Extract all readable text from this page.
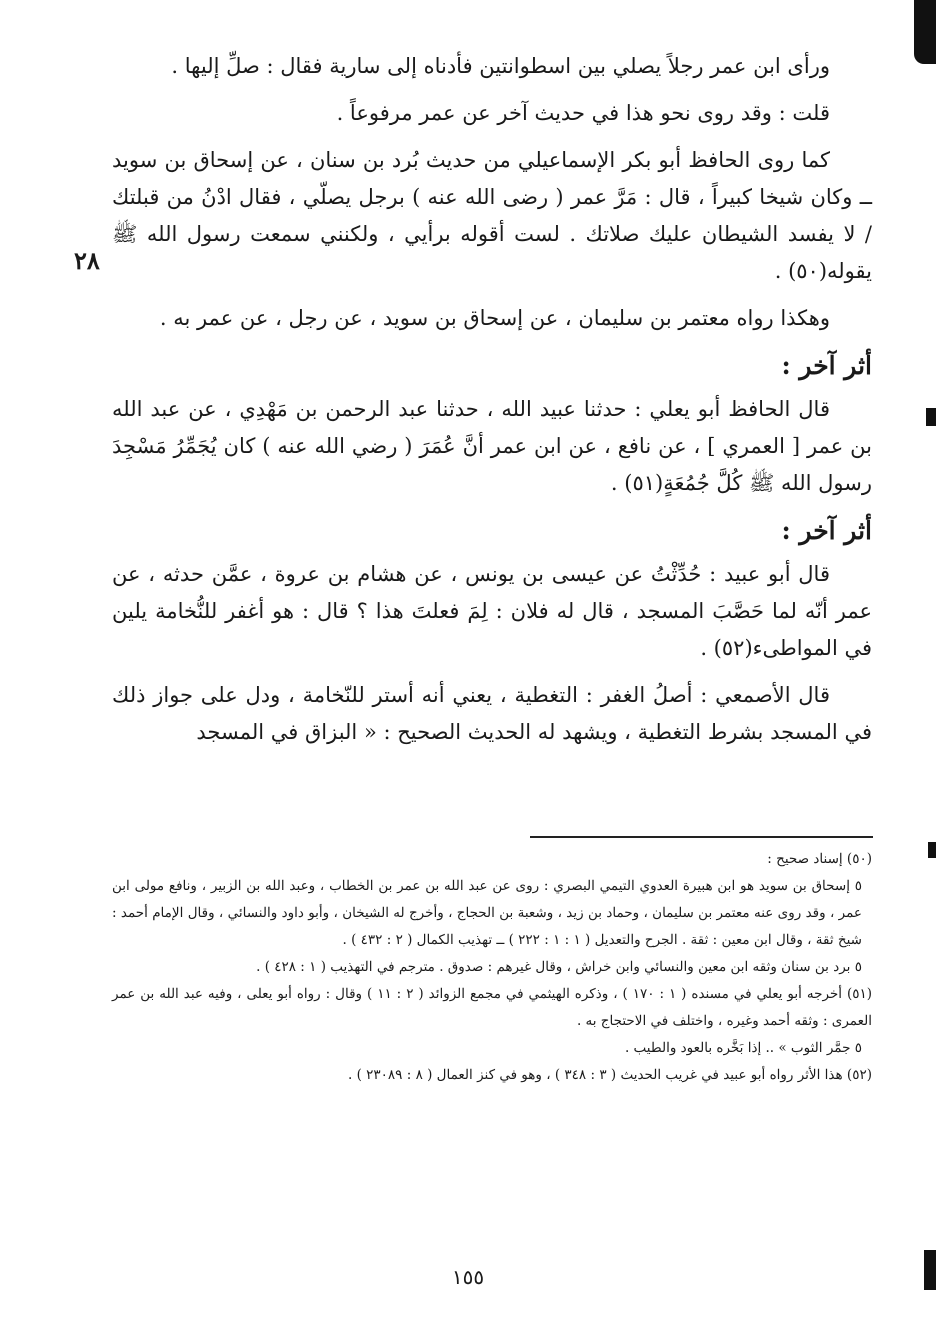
٢٨

ورأى ابن عمر رجلاً يصلي بين اسطوانتين فأدناه إلى سارية فقال : صلِّ إليها .

قلت : وقد روى نحو هذا في حديث آخر عن عمر مرفوعاً .

كما روى الحافظ أبو بكر الإسماعيلي من حديث بُرد بن سنان ، عن إسحاق بن سويد ــ وكان شيخا كبيراً ، قال : مَرَّ عمر ( رضى الله عنه ) برجل يصلّي ، فقال ادْنُ من قبلتك / لا يفسد الشيطان عليك صلاتك . لست أقوله برأيي ، ولكنني سمعت رسول الله ﷺ يقوله(٥٠) .

وهكذا رواه معتمر بن سليمان ، عن إسحاق بن سويد ، عن رجل ، عن عمر به .

أثر آخر :

قال الحافظ أبو يعلي : حدثنا عبيد الله ، حدثنا عبد الرحمن بن مَهْدِي ، عن عبد الله بن عمر [ العمري ] ، عن نافع ، عن ابن عمر أنَّ عُمَرَ ( رضي الله عنه ) كان يُجَمِّرُ مَسْجِدَ رسول الله ﷺ كُلَّ جُمُعَةٍ(٥١) .

أثر آخر :

قال أبو عبيد : حُدِّثْتُ عن عيسى بن يونس ، عن هشام بن عروة ، عمَّن حدثه ، عن عمر أنّه لما حَصَّبَ المسجد ، قال له فلان : لِمَ فعلتَ هذا ؟ قال : هو أغفر للنُّخامة يلين في المواطىء(٥٢) .

قال الأصمعي : أصلُ الغفر : التغطية ، يعني أنه أستر للنّخامة ، ودل على جواز ذلك في المسجد بشرط التغطية ، ويشهد له الحديث الصحيح : « البزاق في المسجد

(٥٠) إسناد صحيح :

٥ إسحاق بن سويد هو ابن هبيرة العدوي التيمي البصري : روى عن عبد الله بن عمر بن الخطاب ، وعبد الله بن الزبير ، ونافع مولى ابن عمر ، وقد روى عنه معتمر بن سليمان ، وحماد بن زيد ، وشعبة بن الحجاج ، وأخرج له الشيخان ، وأبو داود والنسائي ، وقال الإمام أحمد : شيخ ثقة ، وقال ابن معين : ثقة . الجرح والتعديل ( ١ : ١ : ٢٢٢ ) ــ تهذيب الكمال ( ٢ : ٤٣٢ ) .

٥ برد بن سنان وثقه ابن معين والنسائي وابن خراش ، وقال غيرهم : صدوق . مترجم في التهذيب ( ١ : ٤٢٨ ) .

(٥١) أخرجه أبو يعلي في مسنده ( ١ : ١٧٠ ) ، وذكره الهيثمي في مجمع الزوائد ( ٢ : ١١ ) وقال : رواه أبو يعلى ، وفيه عبد الله بن عمر العمرى : وثقه أحمد وغيره ، واختلف في الاحتجاج به .

٥ جمَّر الثوب » .. إذا بَخَّره بالعود والطيب .

(٥٢) هذا الأثر رواه أبو عبيد في غريب الحديث ( ٣ : ٣٤٨ ) ، وهو في كنز العمال ( ٨ : ٢٣٠٨٩ ) .

١٥٥
